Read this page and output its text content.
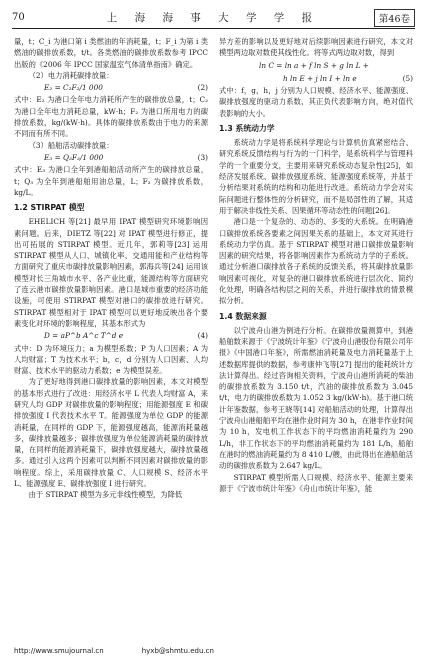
70	上 海 海 事 大 学 学 报	第46卷

量，t；C_i 为港口第 i 类燃油的年消耗量，t；F_i 为第 i 类燃油的碳排放系数，t/t。各类燃油的碳排放系数参考 IPCC 出版的《2006 年 IPCC 国家温室气体清单指南》确定。

（2）电力消耗碳排放量：

E₂ = C₂F₂/1 000	(2)

式中：E₂ 为港口全年电力消耗所产生的碳排放总量，t；C₂ 为港口全年电力消耗总量，kW·h；F₂ 为港口所用电力的碳排放系数，kg/(kW·h)。具体的碳排放系数由于电力的来源不同而有所不同。

（3）船舶活动碳排放量：

E₃ = Q₃F₃/1 000	(3)

式中：E₃ 为港口全年到港船舶活动所产生的碳排放总量，t；Q₃ 为全年到港船舶用油总量，L；F₃ 为碳排放系数，kg/L。

1.2 STIRPAT 模型

EHELICH 等[21] 最早用 IPAT 模型研究环境影响因素问题。后来，DIETZ 等[22] 对 IPAT 模型进行修正，提出可拓展的 STIRPAT 模型。近几年，郭莉等[23] 运用 STIRPAT 模型从人口、城镇化率、交通用能和产业结构等方面研究了重庆市碳排放量影响因素，郭海兵等[24] 运用该模型对长三角城市水平、各产业比重，能源结构等方面研究了连云港市碳排放量影响因素。港口是城市重要的经济功能设施，可使用 STIRPAT 模型对港口的碳排放进行研究。STIRPAT 模型相对于 IPAT 模型可以更好地反映出各个要素变化对环境的影响程度，其基本形式为

D = aP^b A^c T^d e	(4)

式中：D 为环境压力；a 为模型系数；P 为人口因素；A 为人均财富；T 为技术水平；b，c，d 分别为人口因素、人均财富、技术水平的驱动力系数；e 为模型误差。

为了更好地得到港口碳排放量的影响因素，本文对模型的基本形式进行了改进：用经济水平 L 代表人均财富 A，来研究人均 GDP 对碳排放量的影响程度；用能源强度 E 和碳排放强度 I 代表技术水平 T。能源强度为单位 GDP 的能源消耗量，在同样的 GDP 下，能源强度越高，能源消耗量越多，碳排放量越多；碳排放强度为单位能源消耗量的碳排放量，在同样的能源消耗量下，碳排放强度越大，碳排放量越多。通过引入这两个因素可以判断不同因素对碳排放量的影响程度。综上，采用碳排放量 C、人口规模 S、经济水平 L、能源强度 E、碳排放强度 I 进行研究。

由于 STIRPAT 模型为多元非线性模型，为降低

异方差的影响以及更好地对后续影响因素进行研究，本文对模型两边取对数使其线性化。将等式两边取对数，得到

ln C = ln a + f ln S + g ln L +
h ln E + j ln I + ln e	(5)

式中：f，g，h，j 分别为人口规模、经济水平、能源强度、碳排放强度的驱动力系数，其正负代表影响方向，绝对值代表影响的大小。

1.3 系统动力学

系统动力学是将系统科学理论与计算机仿真紧密结合、研究系统反馈结构与行为的一门科学，是系统科学与管理科学的一个重要分支，主要用来研究系统动态复杂性[25]，如经济发展系统、碳排放强度系统、能源强度系统等，并基于分析结果对系统的结构和功能进行改进。系统动力学会对实际问题进行整体性的分析研究，而不是局部性的了解，其适用于解决非线性关系、因果循环等动态性的问题[26]。

港口是一个复杂的、动态的、多变的大系统。在明确港口碳排放系统各要素之间因果关系的基础上，本文对其进行系统动力学仿真。基于 STIRPAT 模型对港口碳排放量影响因素的研究结果，将各影响因素作为系统动力学的子系统。通过分析港口碳排放各子系统的反馈关系，将其碳排放量影响因素可视化，对复杂的港口碳排放系统进行层次化、简约化处理，明确各结构层之间的关系，并进行碳排放的情景模拟分析。

1.4 数据来源

以宁波舟山港为例进行分析。在碳排放量测算中，到港船舶数来源于《宁波统计年鉴》《宁波舟山港股份有限公司年报》《中国港口年鉴》，所需燃油消耗量及电力消耗量基于上述数据库提供的数据，参考康仲飞等[27] 提出的能耗统计方法计算得出。经过咨询相关资料，宁波舟山港所消耗的柴油的碳排放系数为 3.150 t/t，汽油的碳排放系数为 3.045 t/t，电力的碳排放系数为 1.052 3 kg/(kW·h)。基于港口统计年鉴数据，参考王晓等[14] 对船舶活动的处理，计算得出宁波舟山港船舶平均在港作业时间为 30 h，在港非作业时间为 10 h，发电机工作状态下的平均燃油消耗量约为 290 L/h，非工作状态下的平均燃油消耗量约为 181 L/h，船舶在港时的燃油消耗量约为 8 410 L/艘，由此得出在港船舶活动的碳排放系数为 2.647 kg/L。

STIRPAT 模型所需人口规模、经济水平、能源主要来源于《宁波市统计年鉴》《舟山市统计年鉴》，能

http://www.smujournal.cn	hyxb@shmtu.edu.cn
